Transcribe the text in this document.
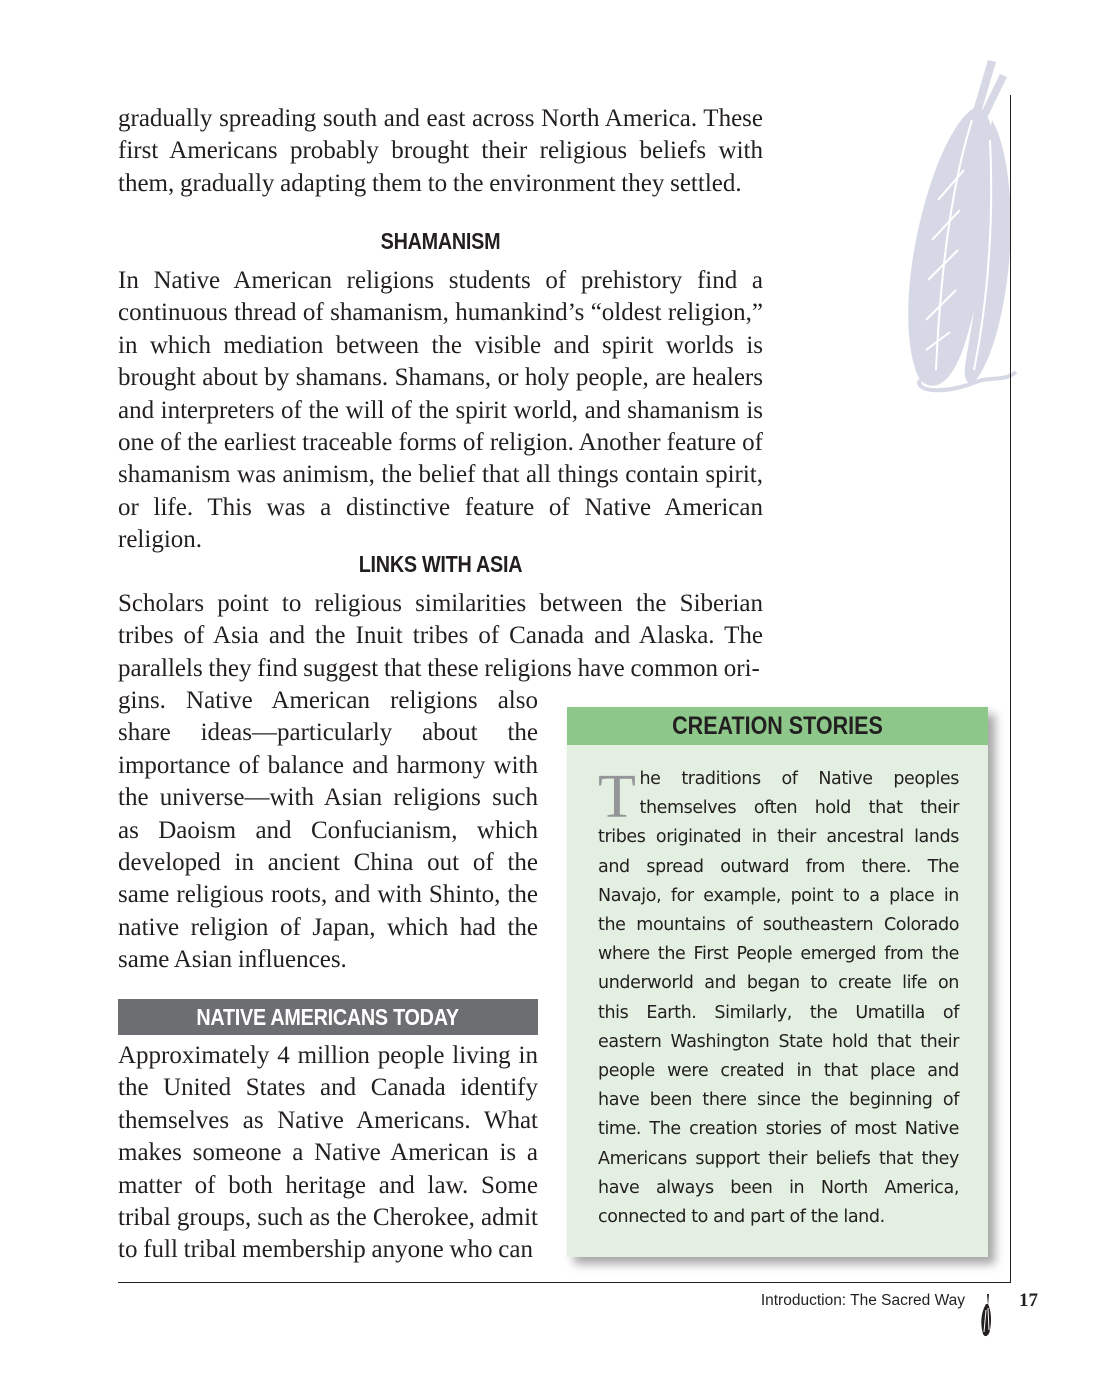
gradually spreading south and east across North America. These first Americans probably brought their religious beliefs with them, gradually adapting them to the environment they settled.

SHAMANISM

In Native American religions students of prehistory find a continuous thread of shamanism, humankind’s “oldest religion,” in which mediation between the visible and spirit worlds is brought about by shamans. Shamans, or holy people, are healers and interpreters of the will of the spirit world, and shamanism is one of the earliest traceable forms of religion. Another feature of shamanism was animism, the belief that all things contain spirit, or life. This was a distinctive feature of Native American religion.

LINKS WITH ASIA

Scholars point to religious similarities between the Siberian tribes of Asia and the Inuit tribes of Canada and Alaska. The parallels they find suggest that these religions have common ori-

gins. Native American religions also share ideas—particularly about the importance of balance and harmony with the universe—with Asian religions such as Daoism and Confucianism, which developed in ancient China out of the same religious roots, and with Shinto, the native religion of Japan, which had the same Asian influences.

NATIVE AMERICANS TODAY

Approximately 4 million people living in the United States and Canada identify themselves as Native Americans. What makes someone a Native American is a matter of both heritage and law. Some tribal groups, such as the Cherokee, admit to full tribal membership anyone who can

CREATION STORIES

The traditions of Native peoples themselves often hold that their tribes originated in their ancestral lands and spread outward from there. The Navajo, for example, point to a place in the mountains of southeastern Colorado where the First People emerged from the underworld and began to create life on this Earth. Similarly, the Umatilla of eastern Washington State hold that their people were created in that place and have been there since the beginning of time. The creation stories of most Native Americans support their beliefs that they have always been in North America, connected to and part of the land.

Introduction: The Sacred Way	17
